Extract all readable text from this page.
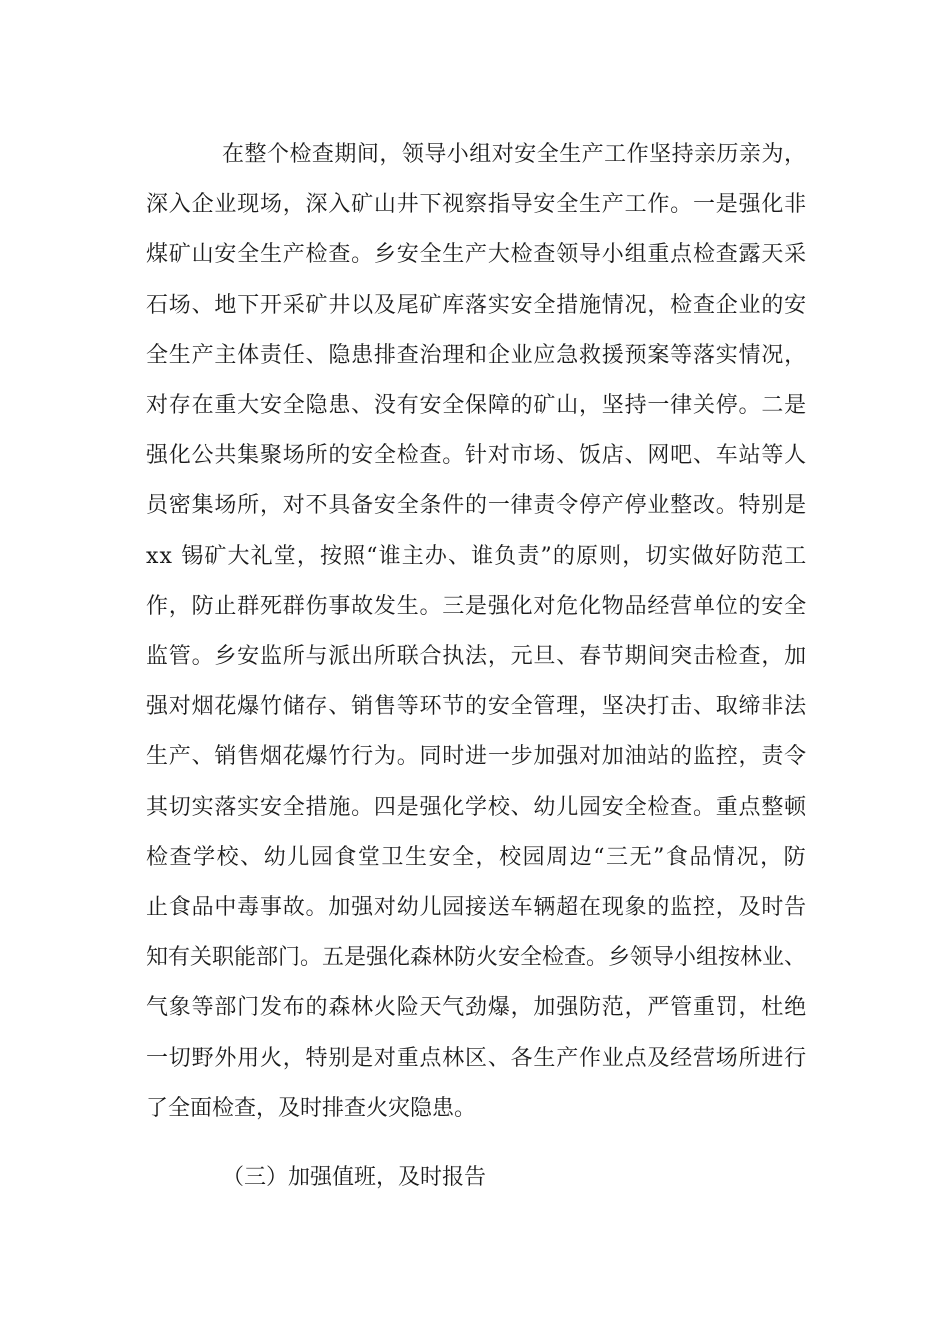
在整个检查期间，领导小组对安全生产工作坚持亲历亲为，

深入企业现场，深入矿山井下视察指导安全生产工作。一是强化非

煤矿山安全生产检查。乡安全生产大检查领导小组重点检查露天采

石场、地下开采矿井以及尾矿库落实安全措施情况，检查企业的安

全生产主体责任、隐患排查治理和企业应急救援预案等落实情况，

对存在重大安全隐患、没有安全保障的矿山，坚持一律关停。二是

强化公共集聚场所的安全检查。针对市场、饭店、网吧、车站等人

员密集场所，对不具备安全条件的一律责令停产停业整改。特别是

xx 锡矿大礼堂，按照“谁主办、谁负责”的原则，切实做好防范工

作，防止群死群伤事故发生。三是强化对危化物品经营单位的安全

监管。乡安监所与派出所联合执法，元旦、春节期间突击检查，加

强对烟花爆竹储存、销售等环节的安全管理，坚决打击、取缔非法

生产、销售烟花爆竹行为。同时进一步加强对加油站的监控，责令

其切实落实安全措施。四是强化学校、幼儿园安全检查。重点整顿

检查学校、幼儿园食堂卫生安全，校园周边“三无”食品情况，防

止食品中毒事故。加强对幼儿园接送车辆超在现象的监控，及时告

知有关职能部门。五是强化森林防火安全检查。乡领导小组按林业、

气象等部门发布的森林火险天气劲爆，加强防范，严管重罚，杜绝

一切野外用火，特别是对重点林区、各生产作业点及经营场所进行

了全面检查，及时排查火灾隐患。

（三）加强值班，及时报告
